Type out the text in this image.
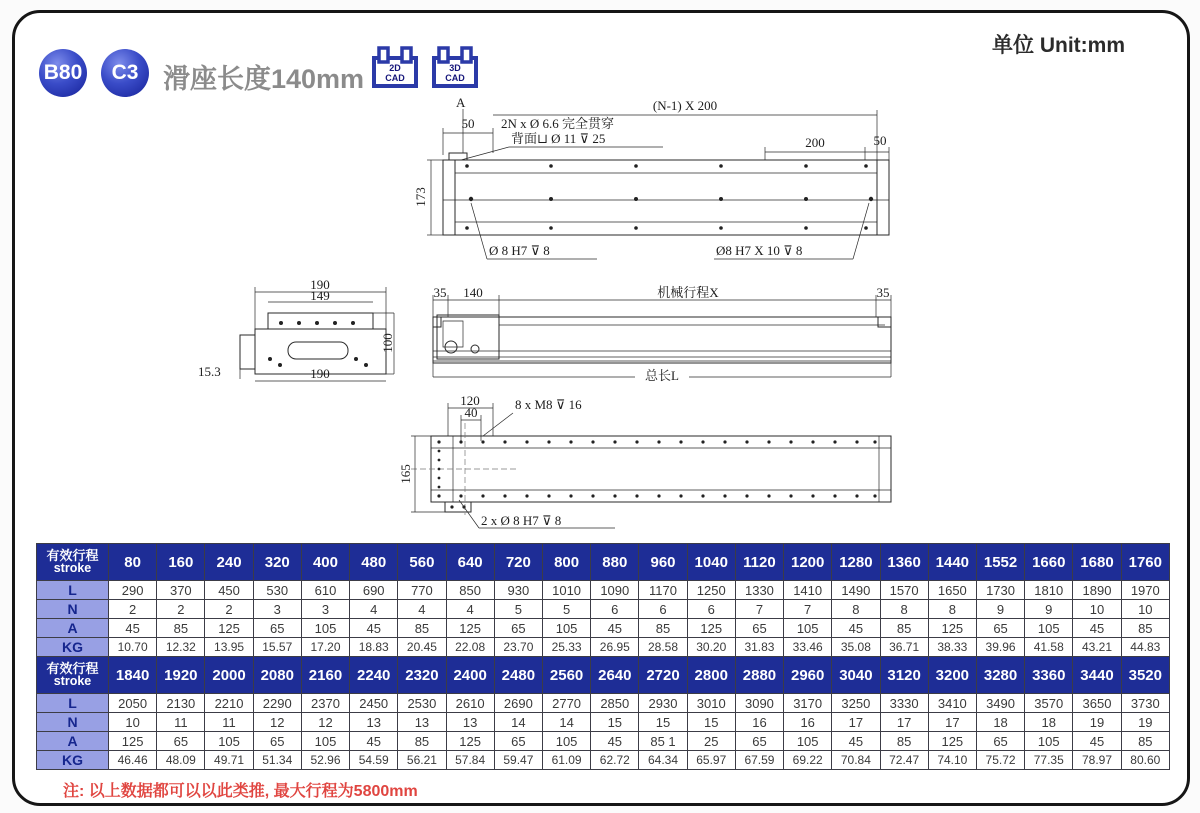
B80	C3 滑座长度140mm	2D
CAD
3D
CAD
单位 Unit:mm
A
50
(N-1) X 200
2N x Ø 6.6 完全贯穿
背面⊔ Ø 11 ⊽ 25	200	50
173
Ø 8 H7 ⊽ 8	Ø8 H7 X 10 ⊽ 8
190
149
100
190
15.3
35 140	机械行程X	35
总长L
120
40
8 x M8 ⊽ 16
165
2 x Ø 8 H7 ⊽ 8
有效行程
stroke	80	160	240	320	400	480	560	640	720	800	880	960	1040	1120	1200	1280	1360	1440	1552	1660	1680	1760
L	290	370	450	530	610	690	770	850	930	1010	1090	1170	1250	1330	1410	1490	1570	1650	1730	1810	1890	1970
N	2	2	2	3	3	4	4	4	5	5	6	6	6	7	7	8	8	8	9	9	10	10
A	45	85	125	65	105	45	85	125	65	105	45	85	125	65	105	45	85	125	65	105	45	85
KG	10.70	12.32	13.95	15.57	17.20	18.83	20.45	22.08	23.70	25.33	26.95	28.58	30.20	31.83	33.46	35.08	36.71	38.33	39.96	41.58	43.21	44.83
有效行程
stroke	1840	1920	2000	2080	2160	2240	2320	2400	2480	2560	2640	2720	2800	2880	2960	3040	3120	3200	3280	3360	3440	3520
L	2050	2130	2210	2290	2370	2450	2530	2610	2690	2770	2850	2930	3010	3090	3170	3250	3330	3410	3490	3570	3650	3730
N	10	11	11	12	12	13	13	13	14	14	15	15	15	16	16	17	17	17	18	18	19	19
A	125	65	105	65	105	45	85	125	65	105	45	85 1	25	65	105	45	85	125	65	105	45	85
KG	46.46	48.09	49.71	51.34	52.96	54.59	56.21	57.84	59.47	61.09	62.72	64.34	65.97	67.59	69.22	70.84	72.47	74.10	75.72	77.35	78.97	80.60
注: 以上数据都可以以此类推, 最大行程为5800mm
